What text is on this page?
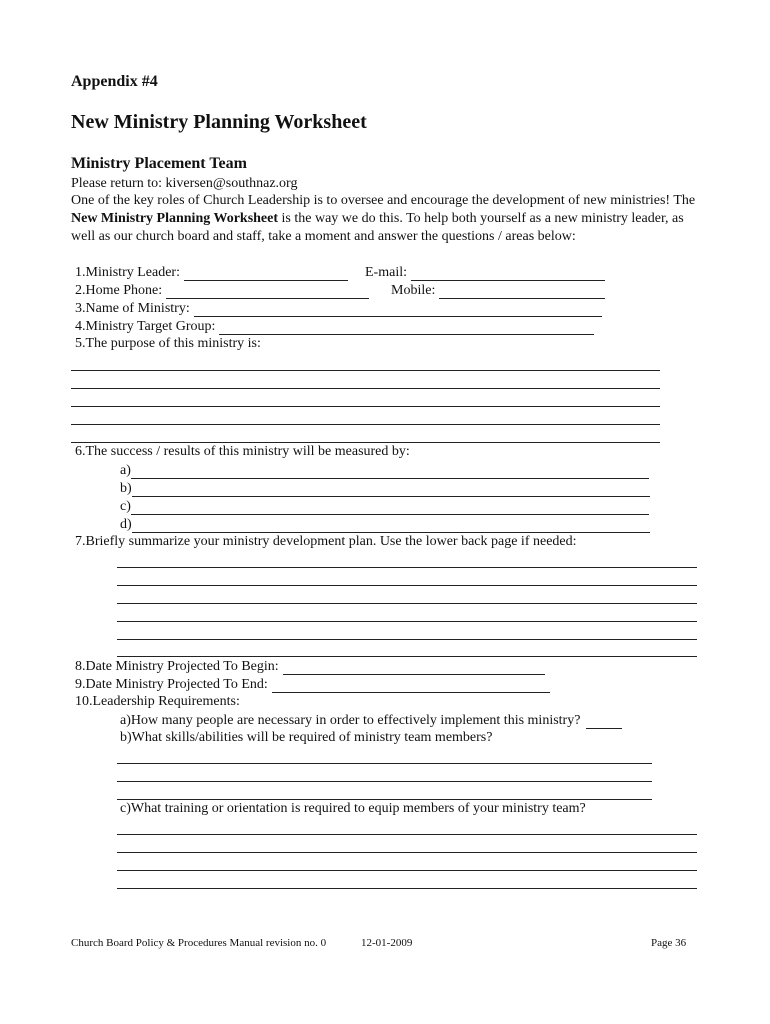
Appendix #4
New Ministry Planning Worksheet
Ministry Placement Team
Please return to: kiversen@southnaz.org
One of the key roles of Church Leadership is to oversee and encourage the development of new ministries! The New Ministry Planning Worksheet is the way we do this. To help both yourself as a new ministry leader, as well as our church board and staff, take a moment and answer the questions / areas below:
1.Ministry Leader:	E-mail:
2.Home Phone:	Mobile:
3.Name of Ministry:
4.Ministry Target Group:
5.The purpose of this ministry is:
6.The success / results of this ministry will be measured by:
a)
b)
c)
d)
7.Briefly summarize your ministry development plan. Use the lower back page if needed:
8.Date Ministry Projected To Begin:
9.Date Ministry Projected To End:
10.Leadership Requirements:
a)How many people are necessary in order to effectively implement this ministry?
b)What skills/abilities will be required of ministry team members?
c)What training or orientation is required to equip members of your ministry team?
Church Board Policy & Procedures Manual revision no. 0	12-01-2009	Page 36
